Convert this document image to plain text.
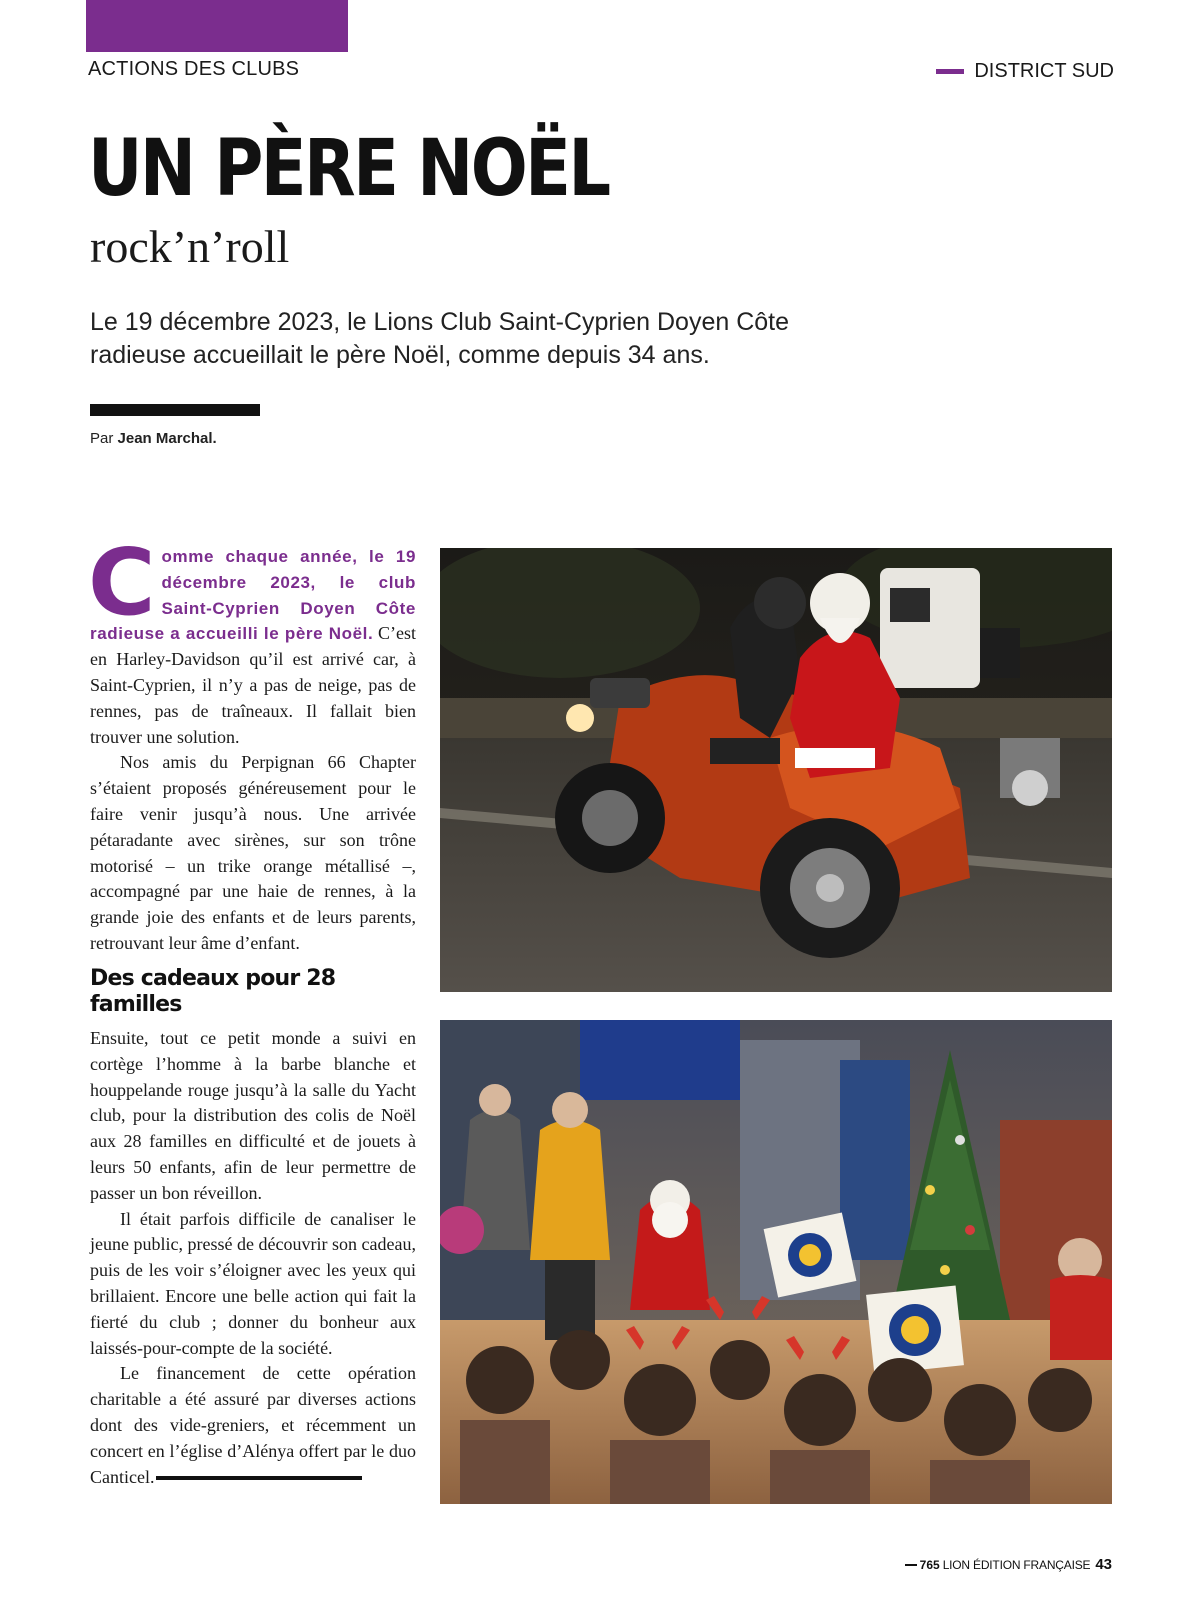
ACTIONS DES CLUBS	DISTRICT SUD
UN PÈRE NOËL
rock’n’roll
Le 19 décembre 2023, le Lions Club Saint-Cyprien Doyen Côte radieuse accueillait le père Noël, comme depuis 34 ans.
Par Jean Marchal.

Comme chaque année, le 19 décembre 2023, le club Saint-Cyprien Doyen Côte radieuse a accueilli le père Noël. C’est en Harley-Davidson qu’il est arrivé car, à Saint-Cyprien, il n’y a pas de neige, pas de rennes, pas de traîneaux. Il fallait bien trouver une solution.

Nos amis du Perpignan 66 Chapter s’étaient proposés généreusement pour le faire venir jusqu’à nous. Une arrivée pétaradante avec sirènes, sur son trône motorisé – un trike orange métallisé –, accompagné par une haie de rennes, à la grande joie des enfants et de leurs parents, retrouvant leur âme d’enfant.

Des cadeaux pour 28 familles

Ensuite, tout ce petit monde a suivi en cortège l’homme à la barbe blanche et houppelande rouge jusqu’à la salle du Yacht club, pour la distribution des colis de Noël aux 28 familles en difficulté et de jouets à leurs 50 enfants, afin de leur permettre de passer un bon réveillon.

Il était parfois difficile de canaliser le jeune public, pressé de découvrir son cadeau, puis de les voir s’éloigner avec les yeux qui brillaient. Encore une belle action qui fait la fierté du club ; donner du bonheur aux laissés-pour-compte de la société.

Le financement de cette opération charitable a été assuré par diverses actions dont des vide-greniers, et récemment un concert en l’église d’Alénya offert par le duo Canticel.

765 LION ÉDITION FRANÇAISE 43
